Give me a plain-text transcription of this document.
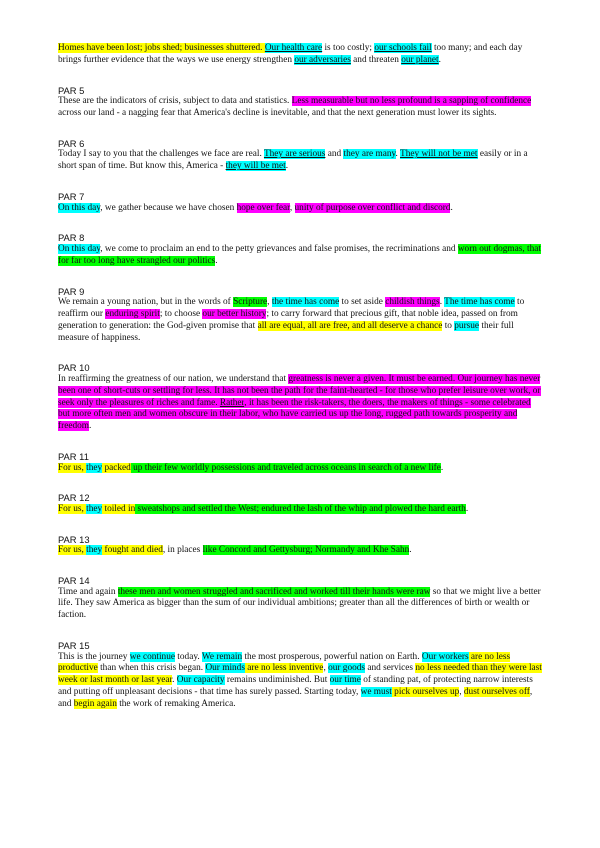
Homes have been lost; jobs shed; businesses shuttered. Our health care is too costly; our schools fail too many; and each day brings further evidence that the ways we use energy strengthen our adversaries and threaten our planet.
PAR 5
These are the indicators of crisis, subject to data and statistics. Less measurable but no less profound is a sapping of confidence across our land - a nagging fear that America's decline is inevitable, and that the next generation must lower its sights.
PAR 6
Today I say to you that the challenges we face are real. They are serious and they are many. They will not be met easily or in a short span of time. But know this, America - they will be met.
PAR 7
On this day, we gather because we have chosen hope over fear, unity of purpose over conflict and discord.
PAR 8
On this day, we come to proclaim an end to the petty grievances and false promises, the recriminations and worn out dogmas, that for far too long have strangled our politics.
PAR 9
We remain a young nation, but in the words of Scripture, the time has come to set aside childish things. The time has come to reaffirm our enduring spirit; to choose our better history; to carry forward that precious gift, that noble idea, passed on from generation to generation: the God-given promise that all are equal, all are free, and all deserve a chance to pursue their full measure of happiness.
PAR 10
In reaffirming the greatness of our nation, we understand that greatness is never a given. It must be earned. Our journey has never been one of short-cuts or settling for less. It has not been the path for the faint-hearted - for those who prefer leisure over work, or seek only the pleasures of riches and fame. Rather, it has been the risk-takers, the doers, the makers of things - some celebrated but more often men and women obscure in their labor, who have carried us up the long, rugged path towards prosperity and freedom.
PAR 11
For us, they packed up their few worldly possessions and traveled across oceans in search of a new life.
PAR 12
For us, they toiled in sweatshops and settled the West; endured the lash of the whip and plowed the hard earth.
PAR 13
For us, they fought and died, in places like Concord and Gettysburg; Normandy and Khe Sahn.
PAR 14
Time and again these men and women struggled and sacrificed and worked till their hands were raw so that we might live a better life. They saw America as bigger than the sum of our individual ambitions; greater than all the differences of birth or wealth or faction.
PAR 15
This is the journey we continue today. We remain the most prosperous, powerful nation on Earth. Our workers are no less productive than when this crisis began. Our minds are no less inventive, our goods and services no less needed than they were last week or last month or last year. Our capacity remains undiminished. But our time of standing pat, of protecting narrow interests and putting off unpleasant decisions - that time has surely passed. Starting today, we must pick ourselves up, dust ourselves off, and begin again the work of remaking America.
